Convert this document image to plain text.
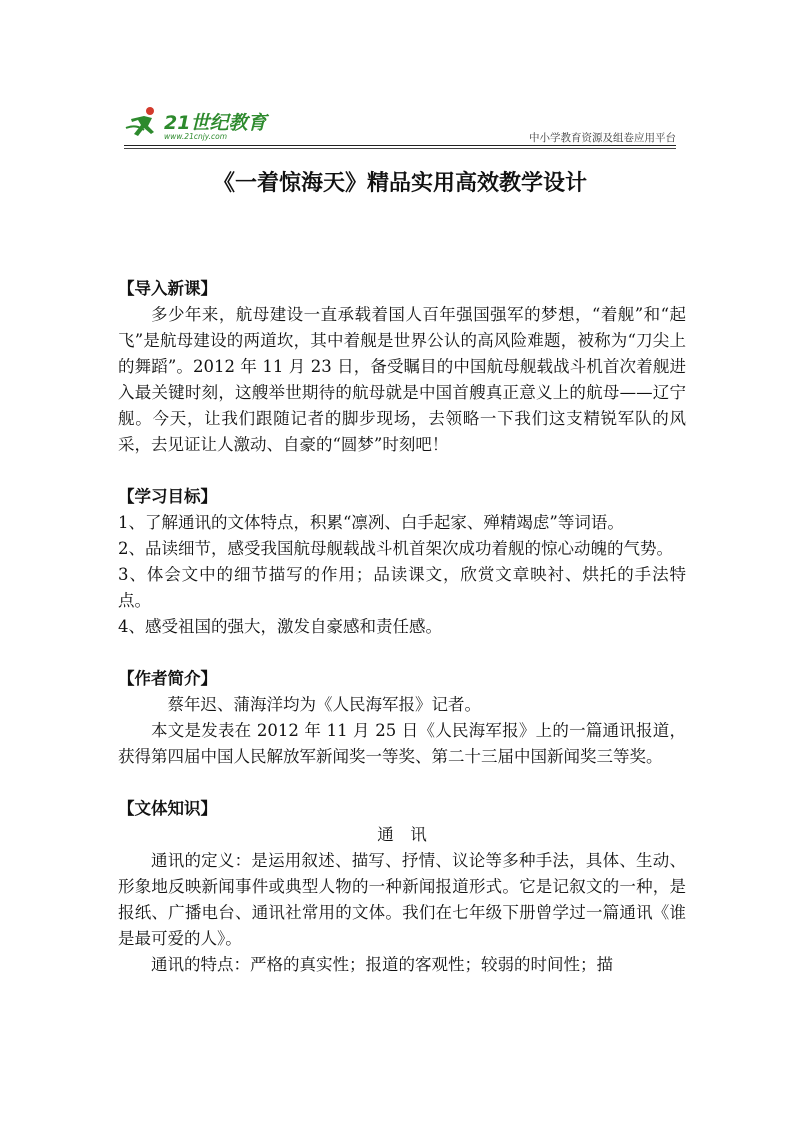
21世纪教育
www.21cnjy.com	中小学教育资源及组卷应用平台
《一着惊海天》精品实用高效教学设计

【导入新课】

多少年来，航母建设一直承载着国人百年强国强军的梦想，“着舰”和“起飞”是航母建设的两道坎，其中着舰是世界公认的高风险难题，被称为“刀尖上的舞蹈”。2012 年 11 月 23 日，备受瞩目的中国航母舰载战斗机首次着舰进入最关键时刻，这艘举世期待的航母就是中国首艘真正意义上的航母——辽宁舰。今天，让我们跟随记者的脚步现场，去领略一下我们这支精锐军队的风采，去见证让人激动、自豪的“圆梦”时刻吧！

【学习目标】

1、了解通讯的文体特点，积累“凛冽、白手起家、殚精竭虑”等词语。

2、品读细节，感受我国航母舰载战斗机首架次成功着舰的惊心动魄的气势。

3、体会文中的细节描写的作用；品读课文，欣赏文章映衬、烘托的手法特点。

4、感受祖国的强大，激发自豪感和责任感。

【作者简介】

蔡年迟、蒲海洋均为《人民海军报》记者。

本文是发表在 2012 年 11 月 25 日《人民海军报》上的一篇通讯报道，获得第四届中国人民解放军新闻奖一等奖、第二十三届中国新闻奖三等奖。

【文体知识】

通讯

通讯的定义：是运用叙述、描写、抒情、议论等多种手法，具体、生动、形象地反映新闻事件或典型人物的一种新闻报道形式。它是记叙文的一种，是报纸、广播电台、通讯社常用的文体。我们在七年级下册曾学过一篇通讯《谁是最可爱的人》。

通讯的特点：严格的真实性；报道的客观性；较弱的时间性；描
